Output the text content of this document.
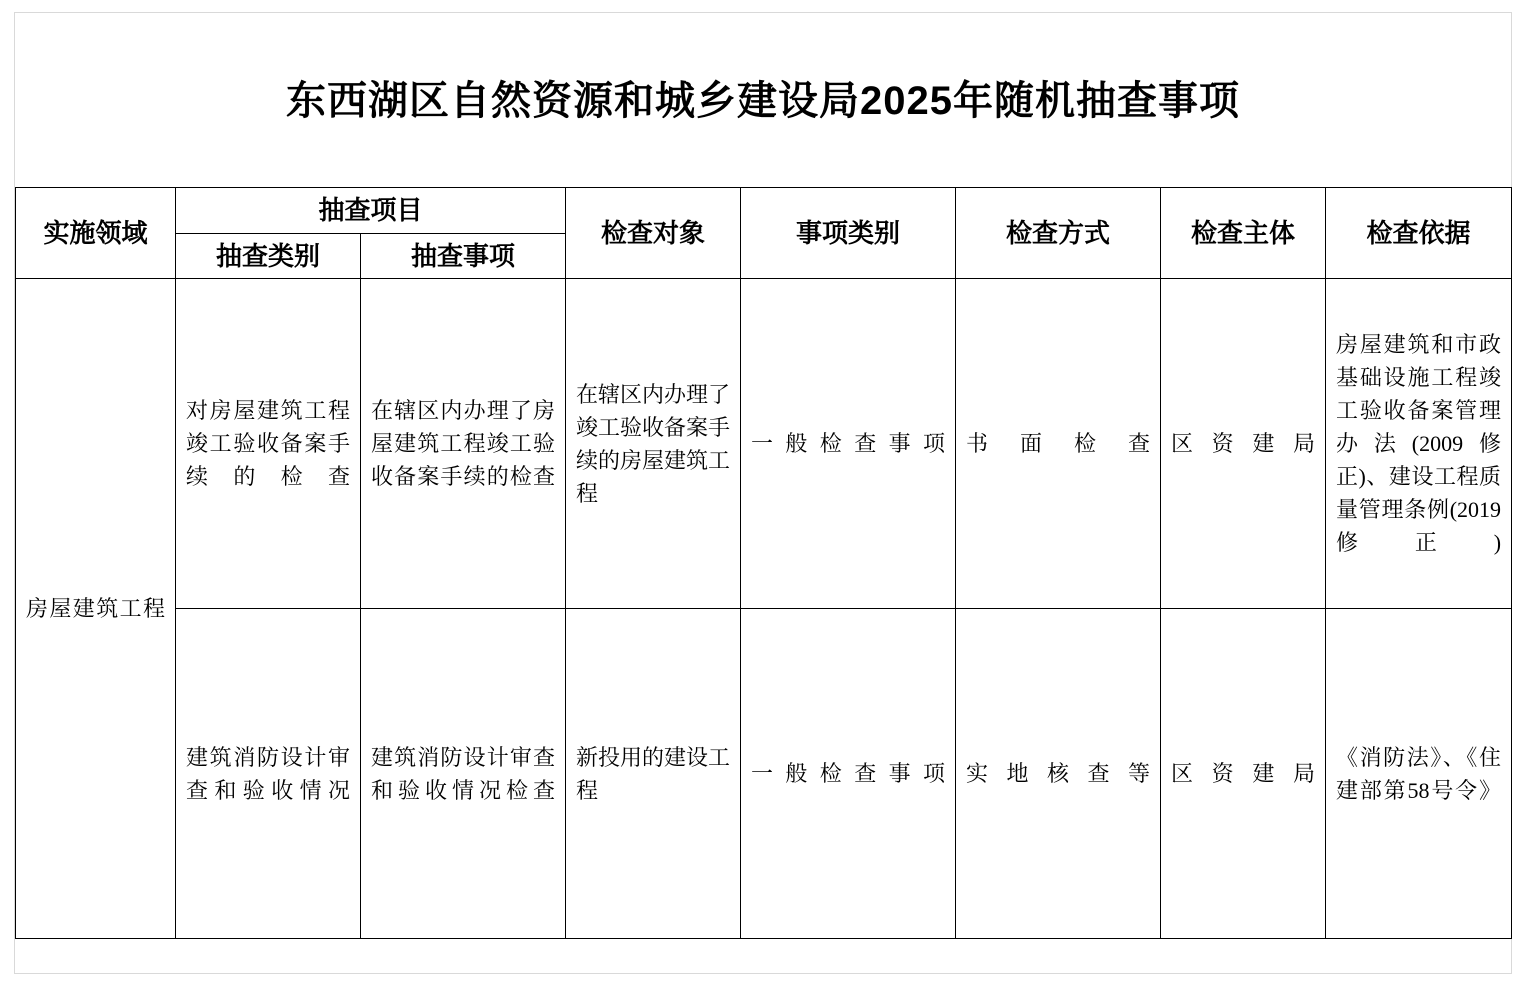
东西湖区自然资源和城乡建设局2025年随机抽查事项
实施领域	抽查项目		检查对象	事项类别	检查方式	检查主体	检查依据
	抽查类别	抽查事项					
房屋建筑工程	对房屋建筑工程竣工验收备案手续的检查	在辖区内办理了房屋建筑工程竣工验收备案手续的检查	在辖区内办理了竣工验收备案手续的房屋建筑工程	一般检查事项	书面检查	区资建局	房屋建筑和市政基础设施工程竣工验收备案管理办法(2009修正)、建设工程质量管理条例(2019修正)
	建筑消防设计审查和验收情况	建筑消防设计审查和验收情况检查	新投用的建设工程	一般检查事项	实地核查等	区资建局	《消防法》、《住建部第58号令》
